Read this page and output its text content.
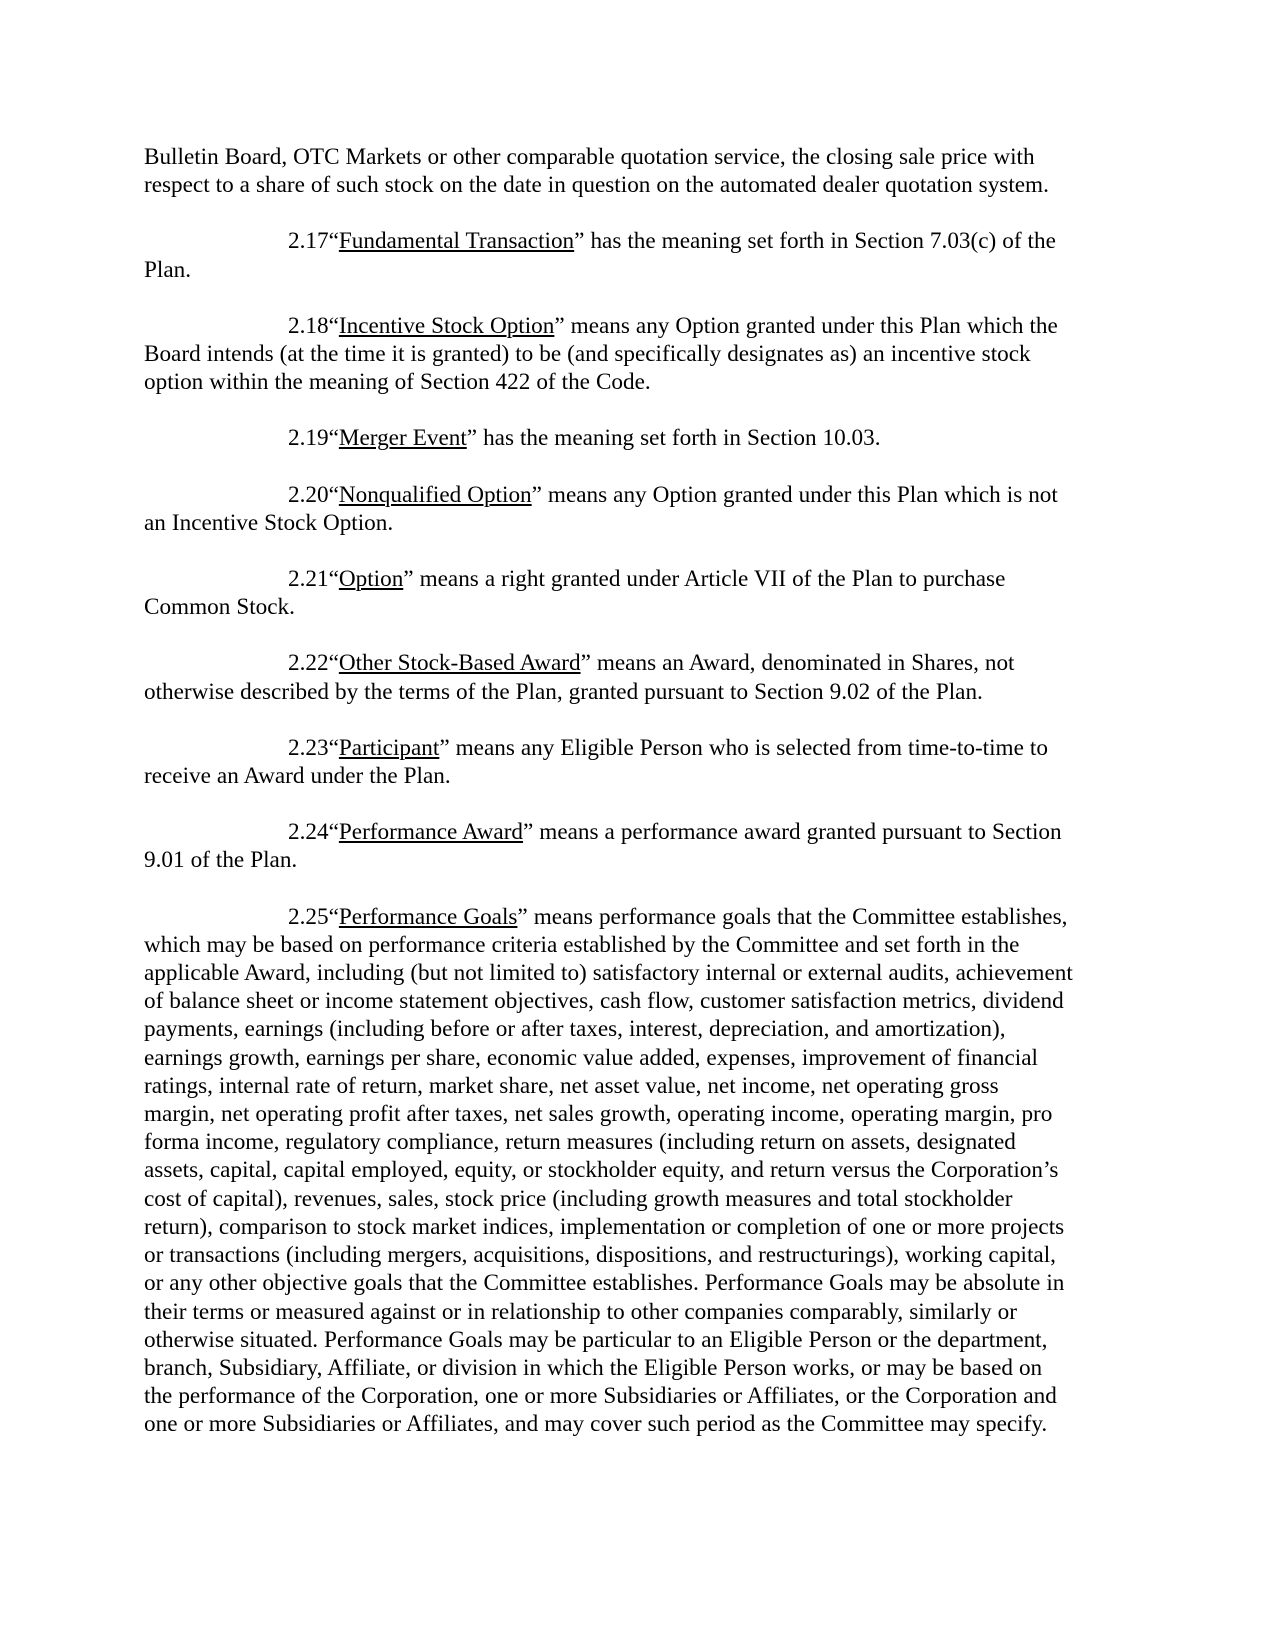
Bulletin Board, OTC Markets or other comparable quotation service, the closing sale price with respect to a share of such stock on the date in question on the automated dealer quotation system.

2.17“Fundamental Transaction” has the meaning set forth in Section 7.03(c) of the Plan.

2.18“Incentive Stock Option” means any Option granted under this Plan which the Board intends (at the time it is granted) to be (and specifically designates as) an incentive stock option within the meaning of Section 422 of the Code.

2.19“Merger Event” has the meaning set forth in Section 10.03.

2.20“Nonqualified Option” means any Option granted under this Plan which is not an Incentive Stock Option.

2.21“Option” means a right granted under Article VII of the Plan to purchase Common Stock.

2.22“Other Stock-Based Award” means an Award, denominated in Shares, not otherwise described by the terms of the Plan, granted pursuant to Section 9.02 of the Plan.

2.23“Participant” means any Eligible Person who is selected from time-to-time to receive an Award under the Plan.

2.24“Performance Award” means a performance award granted pursuant to Section 9.01 of the Plan.

2.25“Performance Goals” means performance goals that the Committee establishes, which may be based on performance criteria established by the Committee and set forth in the applicable Award, including (but not limited to) satisfactory internal or external audits, achievement of balance sheet or income statement objectives, cash flow, customer satisfaction metrics, dividend payments, earnings (including before or after taxes, interest, depreciation, and amortization), earnings growth, earnings per share, economic value added, expenses, improvement of financial ratings, internal rate of return, market share, net asset value, net income, net operating gross margin, net operating profit after taxes, net sales growth, operating income, operating margin, pro forma income, regulatory compliance, return measures (including return on assets, designated assets, capital, capital employed, equity, or stockholder equity, and return versus the Corporation’s cost of capital), revenues, sales, stock price (including growth measures and total stockholder return), comparison to stock market indices, implementation or completion of one or more projects or transactions (including mergers, acquisitions, dispositions, and restructurings), working capital, or any other objective goals that the Committee establishes. Performance Goals may be absolute in their terms or measured against or in relationship to other companies comparably, similarly or otherwise situated. Performance Goals may be particular to an Eligible Person or the department, branch, Subsidiary, Affiliate, or division in which the Eligible Person works, or may be based on the performance of the Corporation, one or more Subsidiaries or Affiliates, or the Corporation and one or more Subsidiaries or Affiliates, and may cover such period as the Committee may specify.
